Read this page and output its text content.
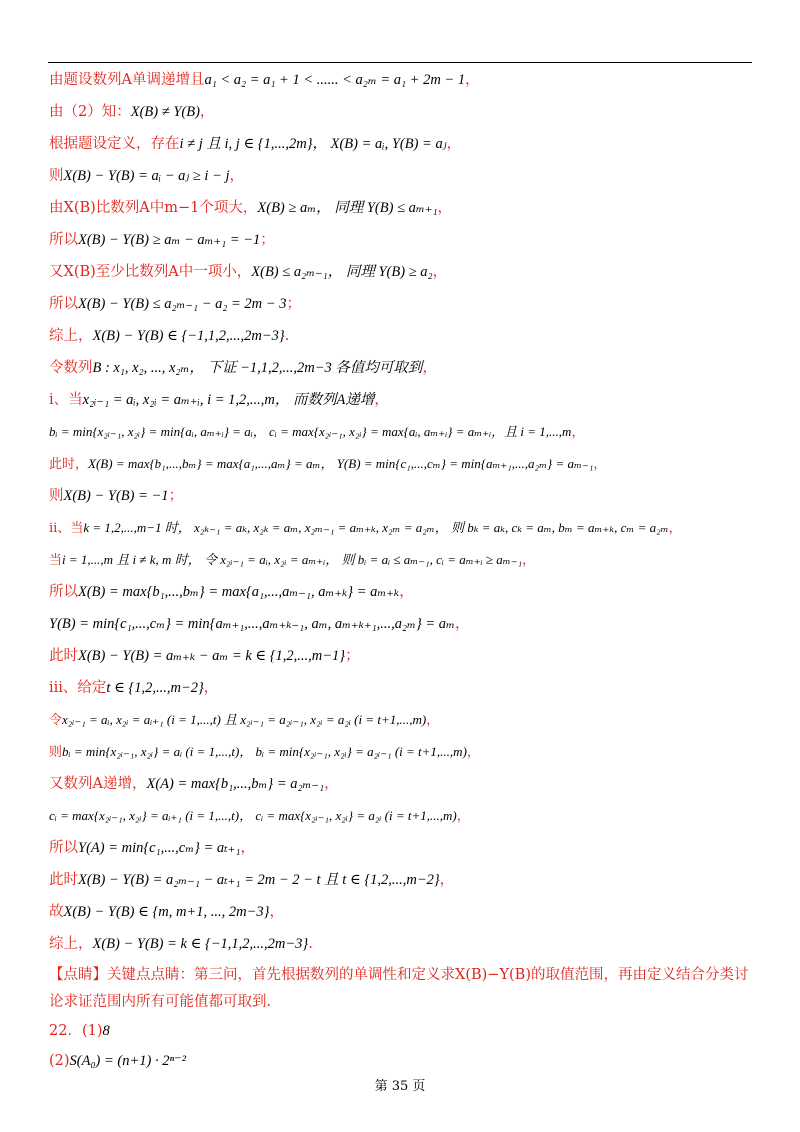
由题设数列A单调递增且a₁ < a₂ = a₁ + 1 < ...... < a₂ₘ = a₁ + 2m − 1，
由（2）知：X(B) ≠ Y(B)，
根据题设定义，存在i ≠ j 且 i, j ∈ {1,...,2m}， X(B) = aᵢ, Y(B) = aⱼ，
则X(B) − Y(B) = aᵢ − aⱼ ≥ i − j，
由X(B)比数列A中m−1个项大，X(B) ≥ aₘ， 同理 Y(B) ≤ aₘ₊₁，
所以X(B) − Y(B) ≥ aₘ − aₘ₊₁ = −1；
又X(B)至少比数列A中一项小，X(B) ≤ a₂ₘ₋₁， 同理 Y(B) ≥ a₂，
所以X(B) − Y(B) ≤ a₂ₘ₋₁ − a₂ = 2m − 3；
综上，X(B) − Y(B) ∈ {−1,1,2,...,2m−3}.
令数列B : x₁, x₂, ..., x₂ₘ， 下证 −1,1,2,...,2m−3 各值均可取到，
ⅰ、当x₂ᵢ₋₁ = aᵢ, x₂ᵢ = aₘ₊ᵢ, i = 1,2,...,m， 而数列A递增，
bᵢ = min{x₂ᵢ₋₁, x₂ᵢ} = min{aᵢ, aₘ₊ᵢ} = aᵢ， cᵢ = max{x₂ᵢ₋₁, x₂ᵢ} = max{aᵢ, aₘ₊ᵢ} = aₘ₊ᵢ，且 i = 1,...,m，
此时，X(B) = max{b₁,...,bₘ} = max{a₁,...,aₘ} = aₘ， Y(B) = min{c₁,...,cₘ} = min{aₘ₊₁,...,a₂ₘ} = aₘ₋₁，
则X(B) − Y(B) = −1；
ⅱ、当k = 1,2,...,m−1 时， x₂ₖ₋₁ = aₖ, x₂ₖ = aₘ, x₂ₘ₋₁ = aₘ₊ₖ, x₂ₘ = a₂ₘ， 则 bₖ = aₖ, cₖ = aₘ, bₘ = aₘ₊ₖ, cₘ = a₂ₘ，
当i = 1,...,m 且 i ≠ k, m 时， 令 x₂ᵢ₋₁ = aᵢ, x₂ᵢ = aₘ₊ᵢ， 则 bᵢ = aᵢ ≤ aₘ₋₁, cᵢ = aₘ₊ᵢ ≥ aₘ₋₁，
所以X(B) = max{b₁,...,bₘ} = max{a₁,...,aₘ₋₁, aₘ₊ₖ} = aₘ₊ₖ，
Y(B) = min{c₁,...,cₘ} = min{aₘ₊₁,...,aₘ₊ₖ₋₁, aₘ, aₘ₊ₖ₊₁,...,a₂ₘ} = aₘ，
此时X(B) − Y(B) = aₘ₊ₖ − aₘ = k ∈ {1,2,...,m−1}；
ⅲ、给定t ∈ {1,2,...,m−2}，
令x₂ᵢ₋₁ = aᵢ, x₂ᵢ = aᵢ₊₁ (i = 1,...,t) 且 x₂ᵢ₋₁ = a₂ᵢ₋₁, x₂ᵢ = a₂ᵢ (i = t+1,...,m)，
则bᵢ = min{x₂ᵢ₋₁, x₂ᵢ} = aᵢ (i = 1,...,t)， bᵢ = min{x₂ᵢ₋₁, x₂ᵢ} = a₂ᵢ₋₁ (i = t+1,...,m)，
又数列A递增，X(A) = max{b₁,...,bₘ} = a₂ₘ₋₁，
cᵢ = max{x₂ᵢ₋₁, x₂ᵢ} = aᵢ₊₁ (i = 1,...,t)， cᵢ = max{x₂ᵢ₋₁, x₂ᵢ} = a₂ᵢ (i = t+1,...,m)，
所以Y(A) = min{c₁,...,cₘ} = aₜ₊₁，
此时X(B) − Y(B) = a₂ₘ₋₁ − aₜ₊₁ = 2m − 2 − t 且 t ∈ {1,2,...,m−2}，
故X(B) − Y(B) ∈ {m, m+1, ..., 2m−3}，
综上，X(B) − Y(B) = k ∈ {−1,1,2,...,2m−3}.
【点睛】关键点点睛：第三问，首先根据数列的单调性和定义求X(B)−Y(B)的取值范围，再由定义结合分类讨论求证范围内所有可能值都可取到.
22．(1)8
(2)S(A₀) = (n+1) · 2ⁿ⁻²
第 35 页
